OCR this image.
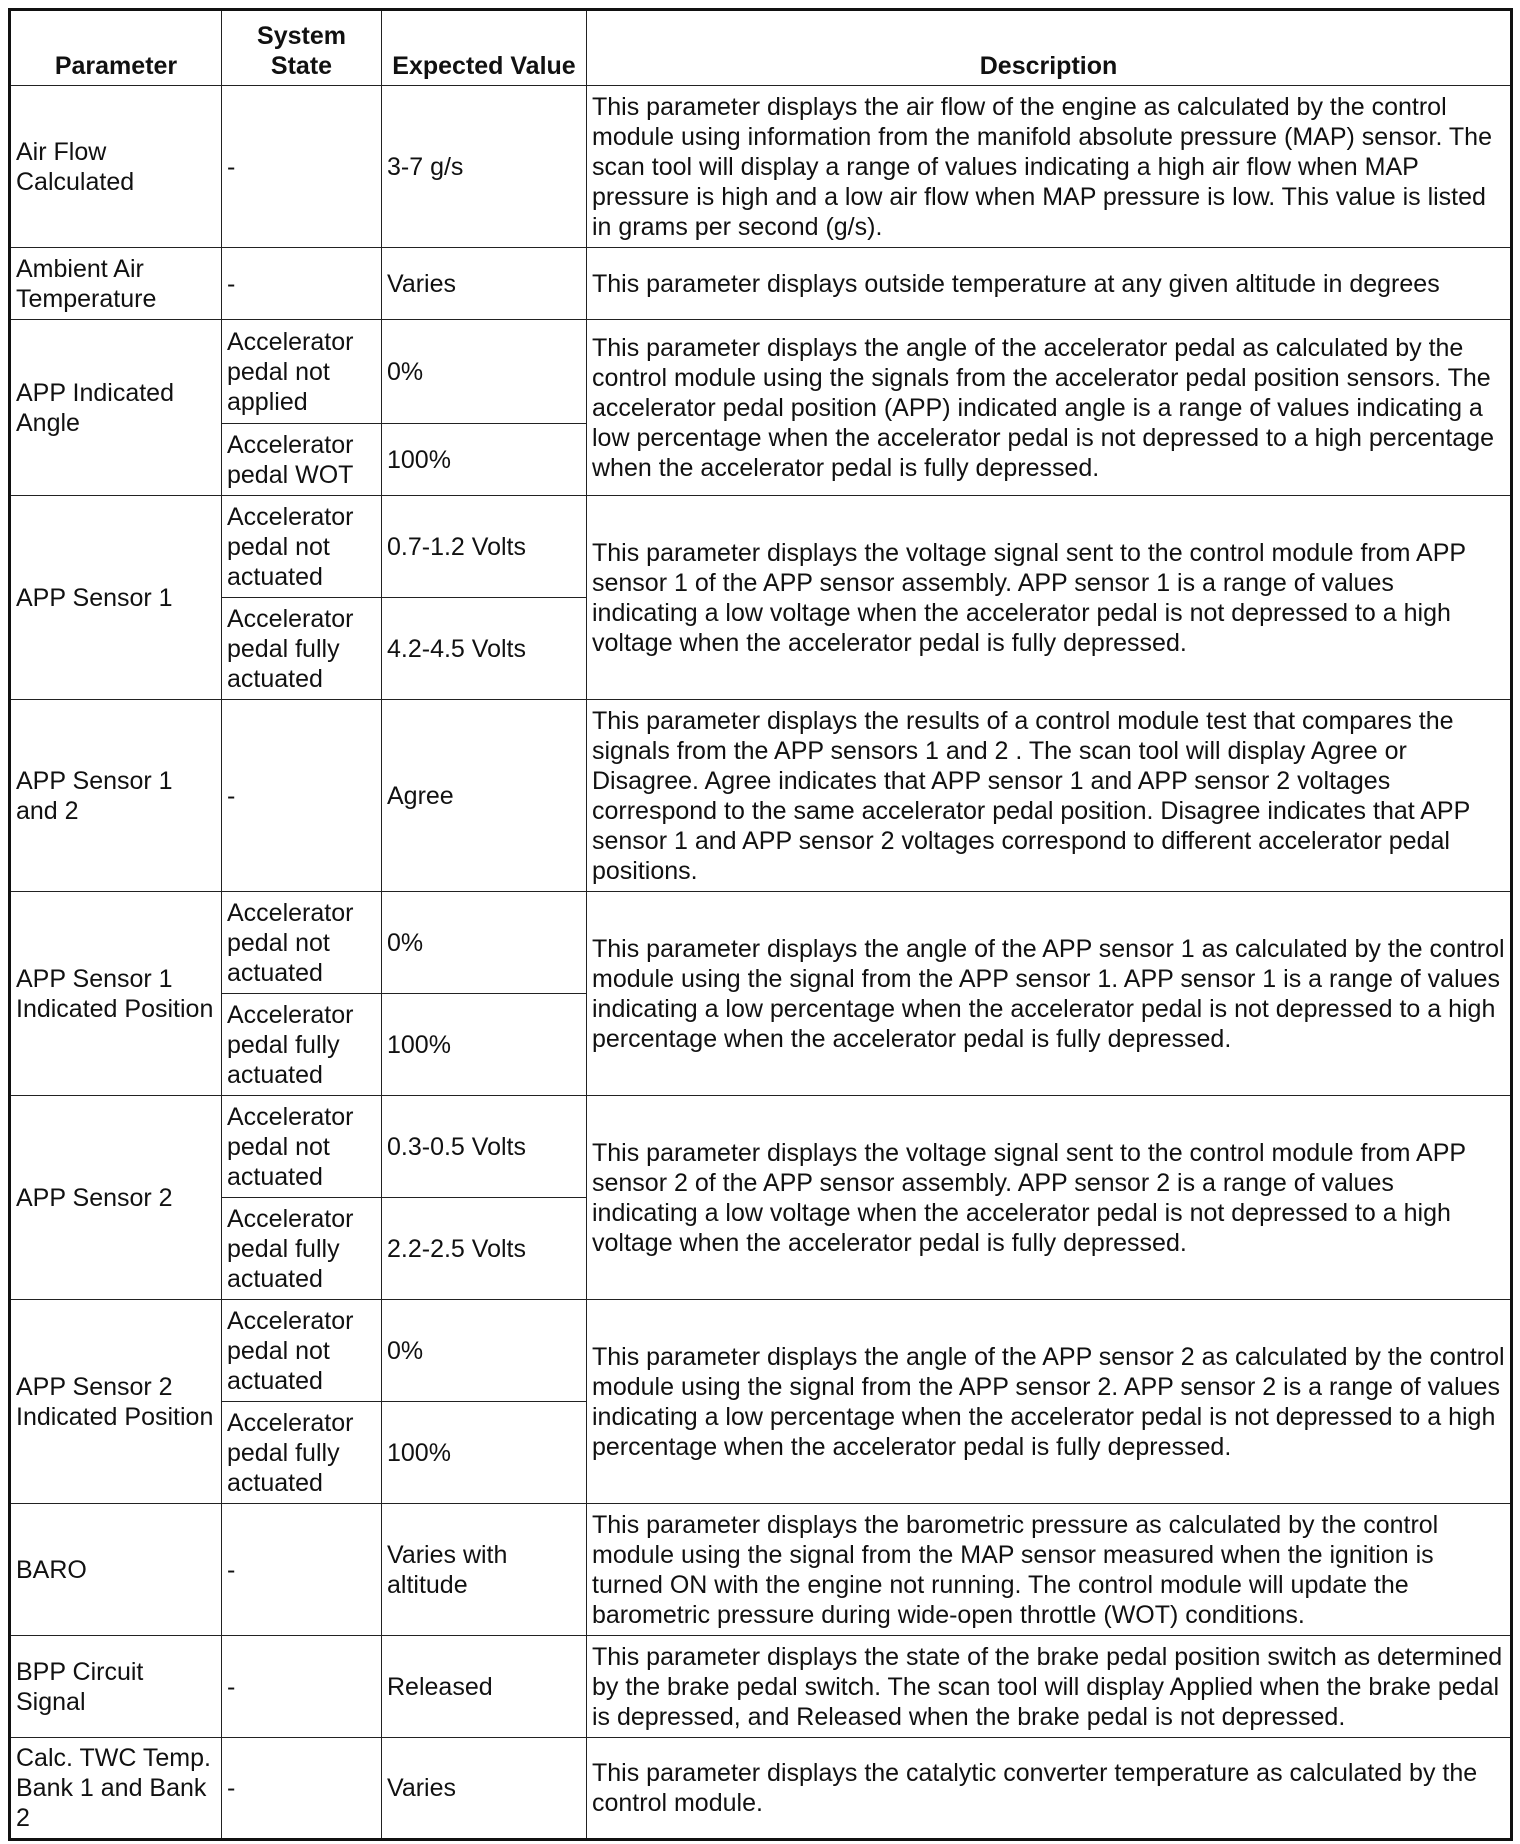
Parameter	System State	Expected Value	Description
Air Flow Calculated	-	3-7 g/s	This parameter displays the air flow of the engine as calculated by the control module using information from the manifold absolute pressure (MAP) sensor. The scan tool will display a range of values indicating a high air flow when MAP pressure is high and a low air flow when MAP pressure is low. This value is listed in grams per second (g/s).
Ambient Air Temperature	-	Varies	This parameter displays outside temperature at any given altitude in degrees
APP Indicated Angle	Accelerator pedal not applied	0%	This parameter displays the angle of the accelerator pedal as calculated by the control module using the signals from the accelerator pedal position sensors. The accelerator pedal position (APP) indicated angle is a range of values indicating a low percentage when the accelerator pedal is not depressed to a high percentage when the accelerator pedal is fully depressed.
	Accelerator pedal WOT	100%	
APP Sensor 1	Accelerator pedal not actuated	0.7-1.2 Volts	This parameter displays the voltage signal sent to the control module from APP sensor 1 of the APP sensor assembly. APP sensor 1 is a range of values indicating a low voltage when the accelerator pedal is not depressed to a high voltage when the accelerator pedal is fully depressed.
	Accelerator pedal fully actuated	4.2-4.5 Volts	
APP Sensor 1 and 2	-	Agree	This parameter displays the results of a control module test that compares the signals from the APP sensors 1 and 2 . The scan tool will display Agree or Disagree. Agree indicates that APP sensor 1 and APP sensor 2 voltages correspond to the same accelerator pedal position. Disagree indicates that APP sensor 1 and APP sensor 2 voltages correspond to different accelerator pedal positions.
APP Sensor 1 Indicated Position	Accelerator pedal not actuated	0%	This parameter displays the angle of the APP sensor 1 as calculated by the control module using the signal from the APP sensor 1. APP sensor 1 is a range of values indicating a low percentage when the accelerator pedal is not depressed to a high percentage when the accelerator pedal is fully depressed.
	Accelerator pedal fully actuated	100%	
APP Sensor 2	Accelerator pedal not actuated	0.3-0.5 Volts	This parameter displays the voltage signal sent to the control module from APP sensor 2 of the APP sensor assembly. APP sensor 2 is a range of values indicating a low voltage when the accelerator pedal is not depressed to a high voltage when the accelerator pedal is fully depressed.
	Accelerator pedal fully actuated	2.2-2.5 Volts	
APP Sensor 2 Indicated Position	Accelerator pedal not actuated	0%	This parameter displays the angle of the APP sensor 2 as calculated by the control module using the signal from the APP sensor 2. APP sensor 2 is a range of values indicating a low percentage when the accelerator pedal is not depressed to a high percentage when the accelerator pedal is fully depressed.
	Accelerator pedal fully actuated	100%	
BARO	-	Varies with altitude	This parameter displays the barometric pressure as calculated by the control module using the signal from the MAP sensor measured when the ignition is turned ON with the engine not running. The control module will update the barometric pressure during wide-open throttle (WOT) conditions.
BPP Circuit Signal	-	Released	This parameter displays the state of the brake pedal position switch as determined by the brake pedal switch. The scan tool will display Applied when the brake pedal is depressed, and Released when the brake pedal is not depressed.
Calc. TWC Temp. Bank 1 and Bank 2	-	Varies	This parameter displays the catalytic converter temperature as calculated by the control module.
